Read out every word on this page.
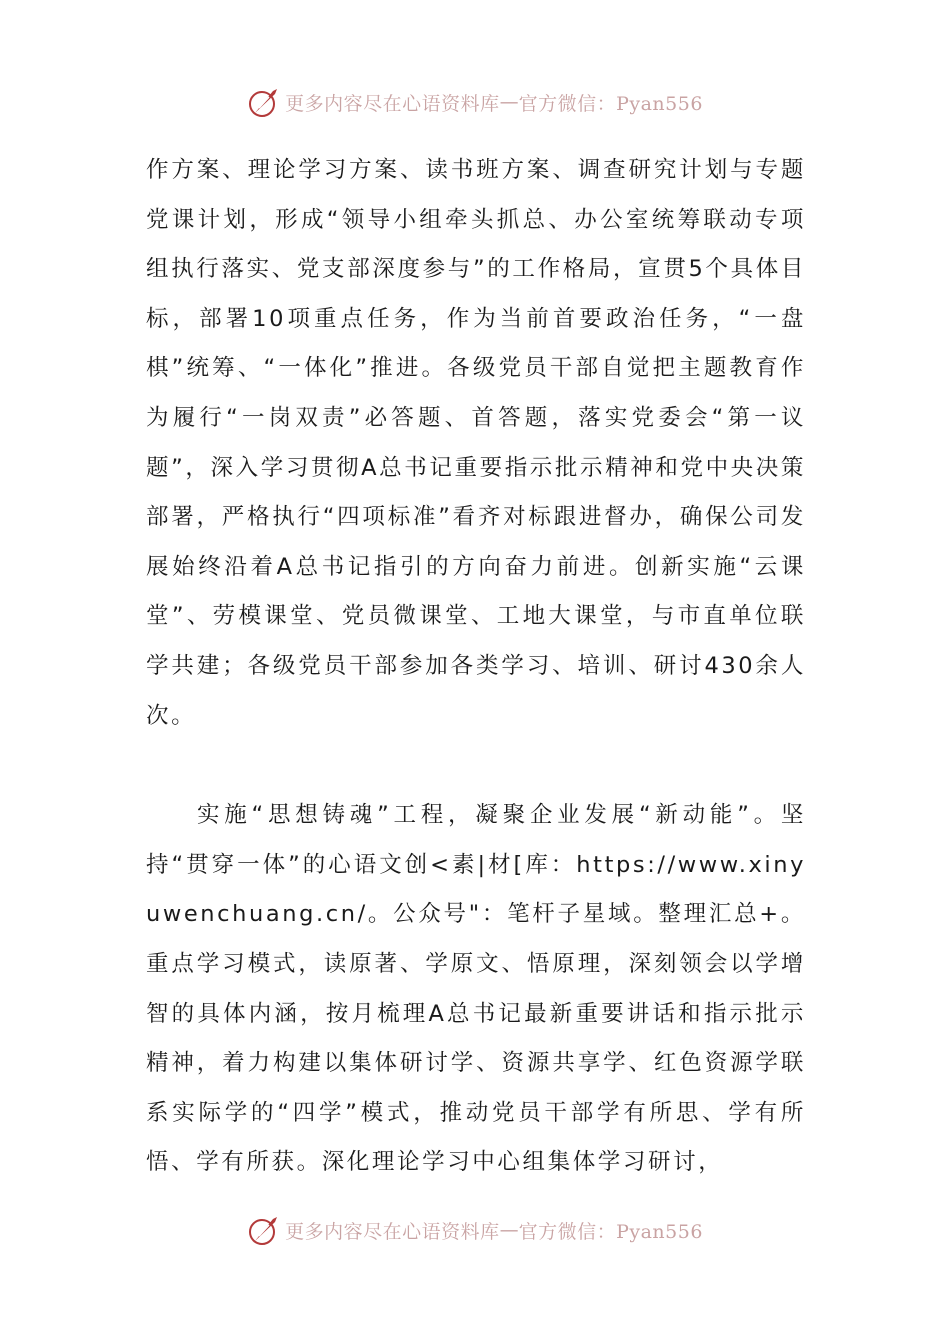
更多内容尽在心语资料库 — 官方微信：Pyan556

作方案、理论学习方案、读书班方案、调查研究计划与专题党课计划，形成“领导小组牵头抓总、办公室统筹联动专项组执行落实、党支部深度参与”的工作格局，宣贯5个具体目标，部署10项重点任务，作为当前首要政治任务，“一盘棋”统筹、“一体化”推进。各级党员干部自觉把主题教育作为履行“一岗双责”必答题、首答题，落实党委会“第一议题”，深入学习贯彻A总书记重要指示批示精神和党中央决策部署，严格执行“四项标准”看齐对标跟进督办，确保公司发展始终沿着A总书记指引的方向奋力前进。创新实施“云课堂”、劳模课堂、党员微课堂、工地大课堂，与市直单位联学共建；各级党员干部参加各类学习、培训、研讨430余人次。

实施“思想铸魂”工程，凝聚企业发展“新动能”。坚持“贯穿一体”的心语文创<素|材[库：https://www.xinyuwenchuang.cn/。公众号"：笔杆子星域。整理汇总+。重点学习模式，读原著、学原文、悟原理，深刻领会以学增智的具体内涵，按月梳理A总书记最新重要讲话和指示批示精神，着力构建以集体研讨学、资源共享学、红色资源学联系实际学的“四学”模式，推动党员干部学有所思、学有所悟、学有所获。深化理论学习中心组集体学习研讨，

更多内容尽在心语资料库 — 官方微信：Pyan556
